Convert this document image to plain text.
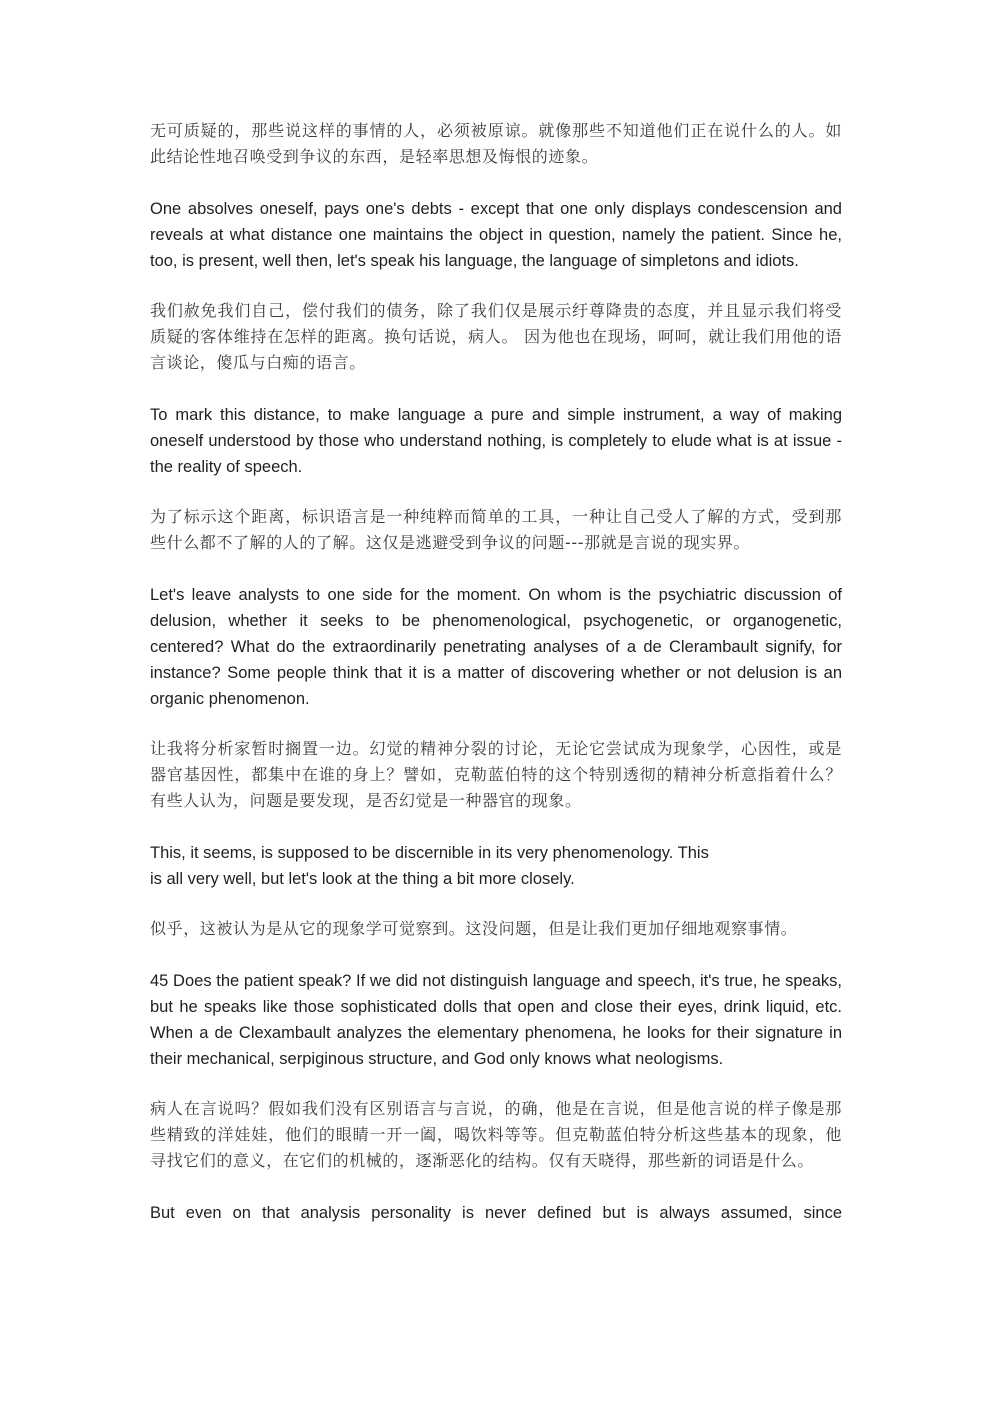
无可质疑的，那些说这样的事情的人，必须被原谅。就像那些不知道他们正在说什么的人。如此结论性地召唤受到争议的东西，是轻率思想及悔恨的迹象。

One absolves oneself, pays one's debts - except that one only displays condescension and reveals at what distance one maintains the object in question, namely the patient. Since he, too, is present, well then, let's speak his language, the language of simpletons and idiots.

我们赦免我们自己，偿付我们的债务，除了我们仅是展示纡尊降贵的态度，并且显示我们将受质疑的客体维持在怎样的距离。换句话说，病人。 因为他也在现场，呵呵，就让我们用他的语言谈论，傻瓜与白痴的语言。

To mark this distance, to make language a pure and simple instrument, a way of making oneself understood by those who understand nothing, is completely to elude what is at issue - the reality of speech.

为了标示这个距离，标识语言是一种纯粹而简单的工具，一种让自己受人了解的方式，受到那些什么都不了解的人的了解。这仅是逃避受到争议的问题---那就是言说的现实界。

Let's leave analysts to one side for the moment. On whom is the psychiatric discussion of delusion, whether it seeks to be phenomenological, psychogenetic, or organogenetic, centered? What do the extraordinarily penetrating analyses of a de Clerambault signify, for instance? Some people think that it is a matter of discovering whether or not delusion is an organic phenomenon.

让我将分析家暂时搁置一边。幻觉的精神分裂的讨论，无论它尝试成为现象学，心因性，或是器官基因性，都集中在谁的身上？譬如，克勒蓝伯特的这个特别透彻的精神分析意指着什么？有些人认为，问题是要发现，是否幻觉是一种器官的现象。

This, it seems, is supposed to be discernible in its very phenomenology. This
is all very well, but let's look at the thing a bit more closely.

似乎，这被认为是从它的现象学可觉察到。这没问题，但是让我们更加仔细地观察事情。

45 Does the patient speak? If we did not distinguish language and speech, it's true, he speaks, but he speaks like those sophisticated dolls that open and close their eyes, drink liquid, etc. When a de Clexambault analyzes the elementary phenomena, he looks for their signature in their mechanical, serpiginous structure, and God only knows what neologisms.

病人在言说吗？假如我们没有区别语言与言说，的确，他是在言说，但是他言说的样子像是那些精致的洋娃娃，他们的眼睛一开一阖，喝饮料等等。但克勒蓝伯特分析这些基本的现象，他寻找它们的意义，在它们的机械的，逐渐恶化的结构。仅有天晓得，那些新的词语是什么。

But even on that analysis personality is never defined but is always assumed, since
